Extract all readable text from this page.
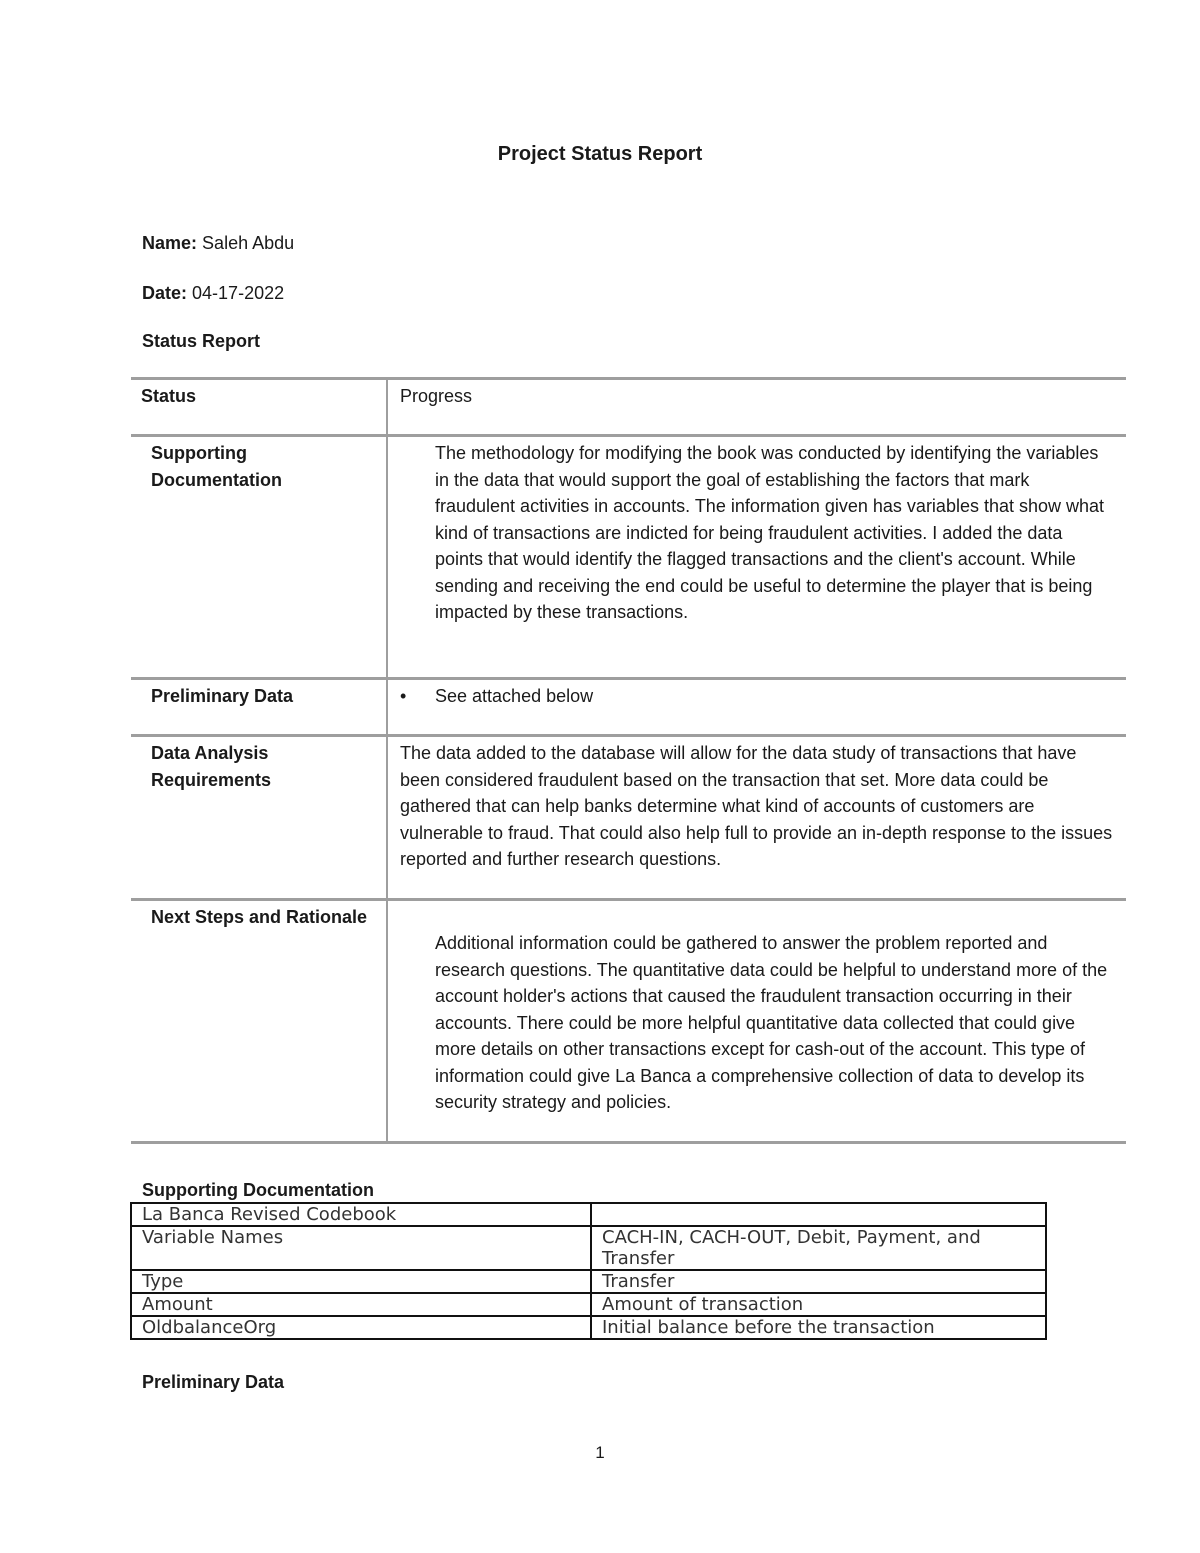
Project Status Report
Name: Saleh Abdu
Date: 04-17-2022
Status Report
Status	Progress

Supporting Documentation	The methodology for modifying the book was conducted by identifying the variables in the data that would support the goal of establishing the factors that mark fraudulent activities in accounts. The information given has variables that show what kind of transactions are indicted for being fraudulent activities. I added the data points that would identify the flagged transactions and the client's account. While sending and receiving the end could be useful to determine the player that is being impacted by these transactions.

Preliminary Data	• See attached below

Data Analysis Requirements	The data added to the database will allow for the data study of transactions that have been considered fraudulent based on the transaction that set. More data could be gathered that can help banks determine what kind of accounts of customers are vulnerable to fraud. That could also help full to provide an in-depth response to the issues reported and further research questions.

Next Steps and Rationale	Additional information could be gathered to answer the problem reported and research questions. The quantitative data could be helpful to understand more of the account holder's actions that caused the fraudulent transaction occurring in their accounts. There could be more helpful quantitative data collected that could give more details on other transactions except for cash-out of the account. This type of information could give La Banca a comprehensive collection of data to develop its security strategy and policies.
Supporting Documentation
La Banca Revised Codebook	
Variable Names	CACH-IN, CACH-OUT, Debit, Payment, and Transfer
Type	Transfer
Amount	Amount of transaction
OldbalanceOrg	Initial balance before the transaction
Preliminary Data
1
